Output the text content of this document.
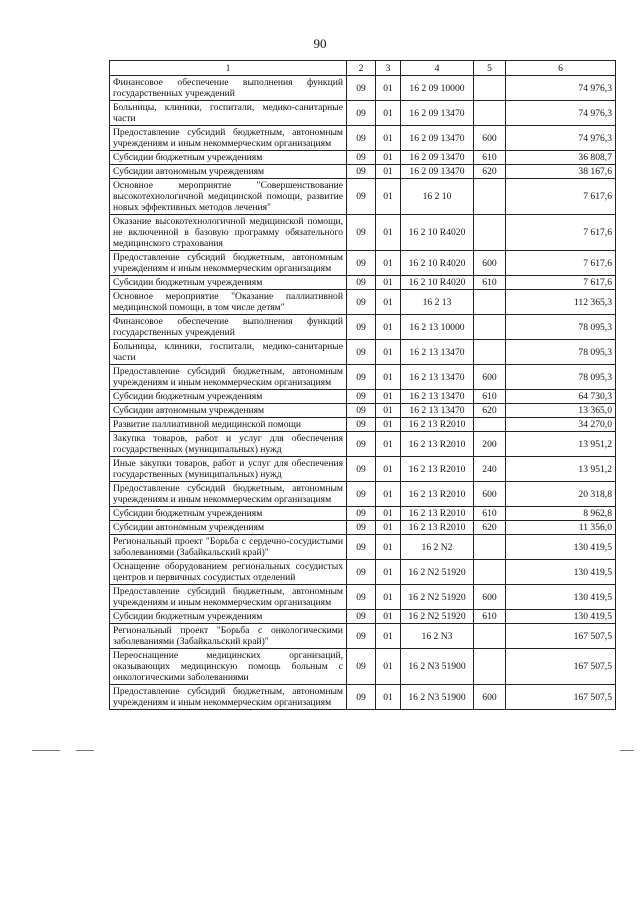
90
1	2	3	4	5	6
Финансовое обеспечение выполнения функций государственных учреждений	09	01	16 2 09 10000		74 976,3
Больницы, клиники, госпитали, медико-санитарные части	09	01	16 2 09 13470		74 976,3
Предоставление субсидий бюджетным, автономным учреждениям и иным некоммерческим организациям	09	01	16 2 09 13470	600	74 976,3
Субсидии бюджетным учреждениям	09	01	16 2 09 13470	610	36 808,7
Субсидии автономным учреждениям	09	01	16 2 09 13470	620	38 167,6
Основное мероприятие "Совершенствование высокотехнологичной медицинской помощи, развитие новых эффективных методов лечения"	09	01	16 2 10		7 617,6
Оказание высокотехнологичной медицинской помощи, не включенной в базовую программу обязательного медицинского страхования	09	01	16 2 10 R4020		7 617,6
Предоставление субсидий бюджетным, автономным учреждениям и иным некоммерческим организациям	09	01	16 2 10 R4020	600	7 617,6
Субсидии бюджетным учреждениям	09	01	16 2 10 R4020	610	7 617,6
Основное мероприятие "Оказание паллиативной медицинской помощи, в том числе детям"	09	01	16 2 13		112 365,3
Финансовое обеспечение выполнения функций государственных учреждений	09	01	16 2 13 10000		78 095,3
Больницы, клиники, госпитали, медико-санитарные части	09	01	16 2 13 13470		78 095,3
Предоставление субсидий бюджетным, автономным учреждениям и иным некоммерческим организациям	09	01	16 2 13 13470	600	78 095,3
Субсидии бюджетным учреждениям	09	01	16 2 13 13470	610	64 730,3
Субсидии автономным учреждениям	09	01	16 2 13 13470	620	13 365,0
Развитие паллиативной медицинской помощи	09	01	16 2 13 R2010		34 270,0
Закупка товаров, работ и услуг для обеспечения государственных (муниципальных) нужд	09	01	16 2 13 R2010	200	13 951,2
Иные закупки товаров, работ и услуг для обеспечения государственных (муниципальных) нужд	09	01	16 2 13 R2010	240	13 951,2
Предоставление субсидий бюджетным, автономным учреждениям и иным некоммерческим организациям	09	01	16 2 13 R2010	600	20 318,8
Субсидии бюджетным учреждениям	09	01	16 2 13 R2010	610	8 962,8
Субсидии автономным учреждениям	09	01	16 2 13 R2010	620	11 356,0
Региональный проект "Борьба с сердечно-сосудистыми заболеваниями (Забайкальский край)"	09	01	16 2 N2		130 419,5
Оснащение оборудованием региональных сосудистых центров и первичных сосудистых отделений	09	01	16 2 N2 51920		130 419,5
Предоставление субсидий бюджетным, автономным учреждениям и иным некоммерческим организациям	09	01	16 2 N2 51920	600	130 419,5
Субсидии бюджетным учреждениям	09	01	16 2 N2 51920	610	130 419,5
Региональный проект "Борьба с онкологическими заболеваниями (Забайкальский край)"	09	01	16 2 N3		167 507,5
Переоснащение медицинских организаций, оказывающих медицинскую помощь больным с онкологическими заболеваниями	09	01	16 2 N3 51900		167 507,5
Предоставление субсидий бюджетным, автономным учреждениям и иным некоммерческим организациям	09	01	16 2 N3 51900	600	167 507,5
